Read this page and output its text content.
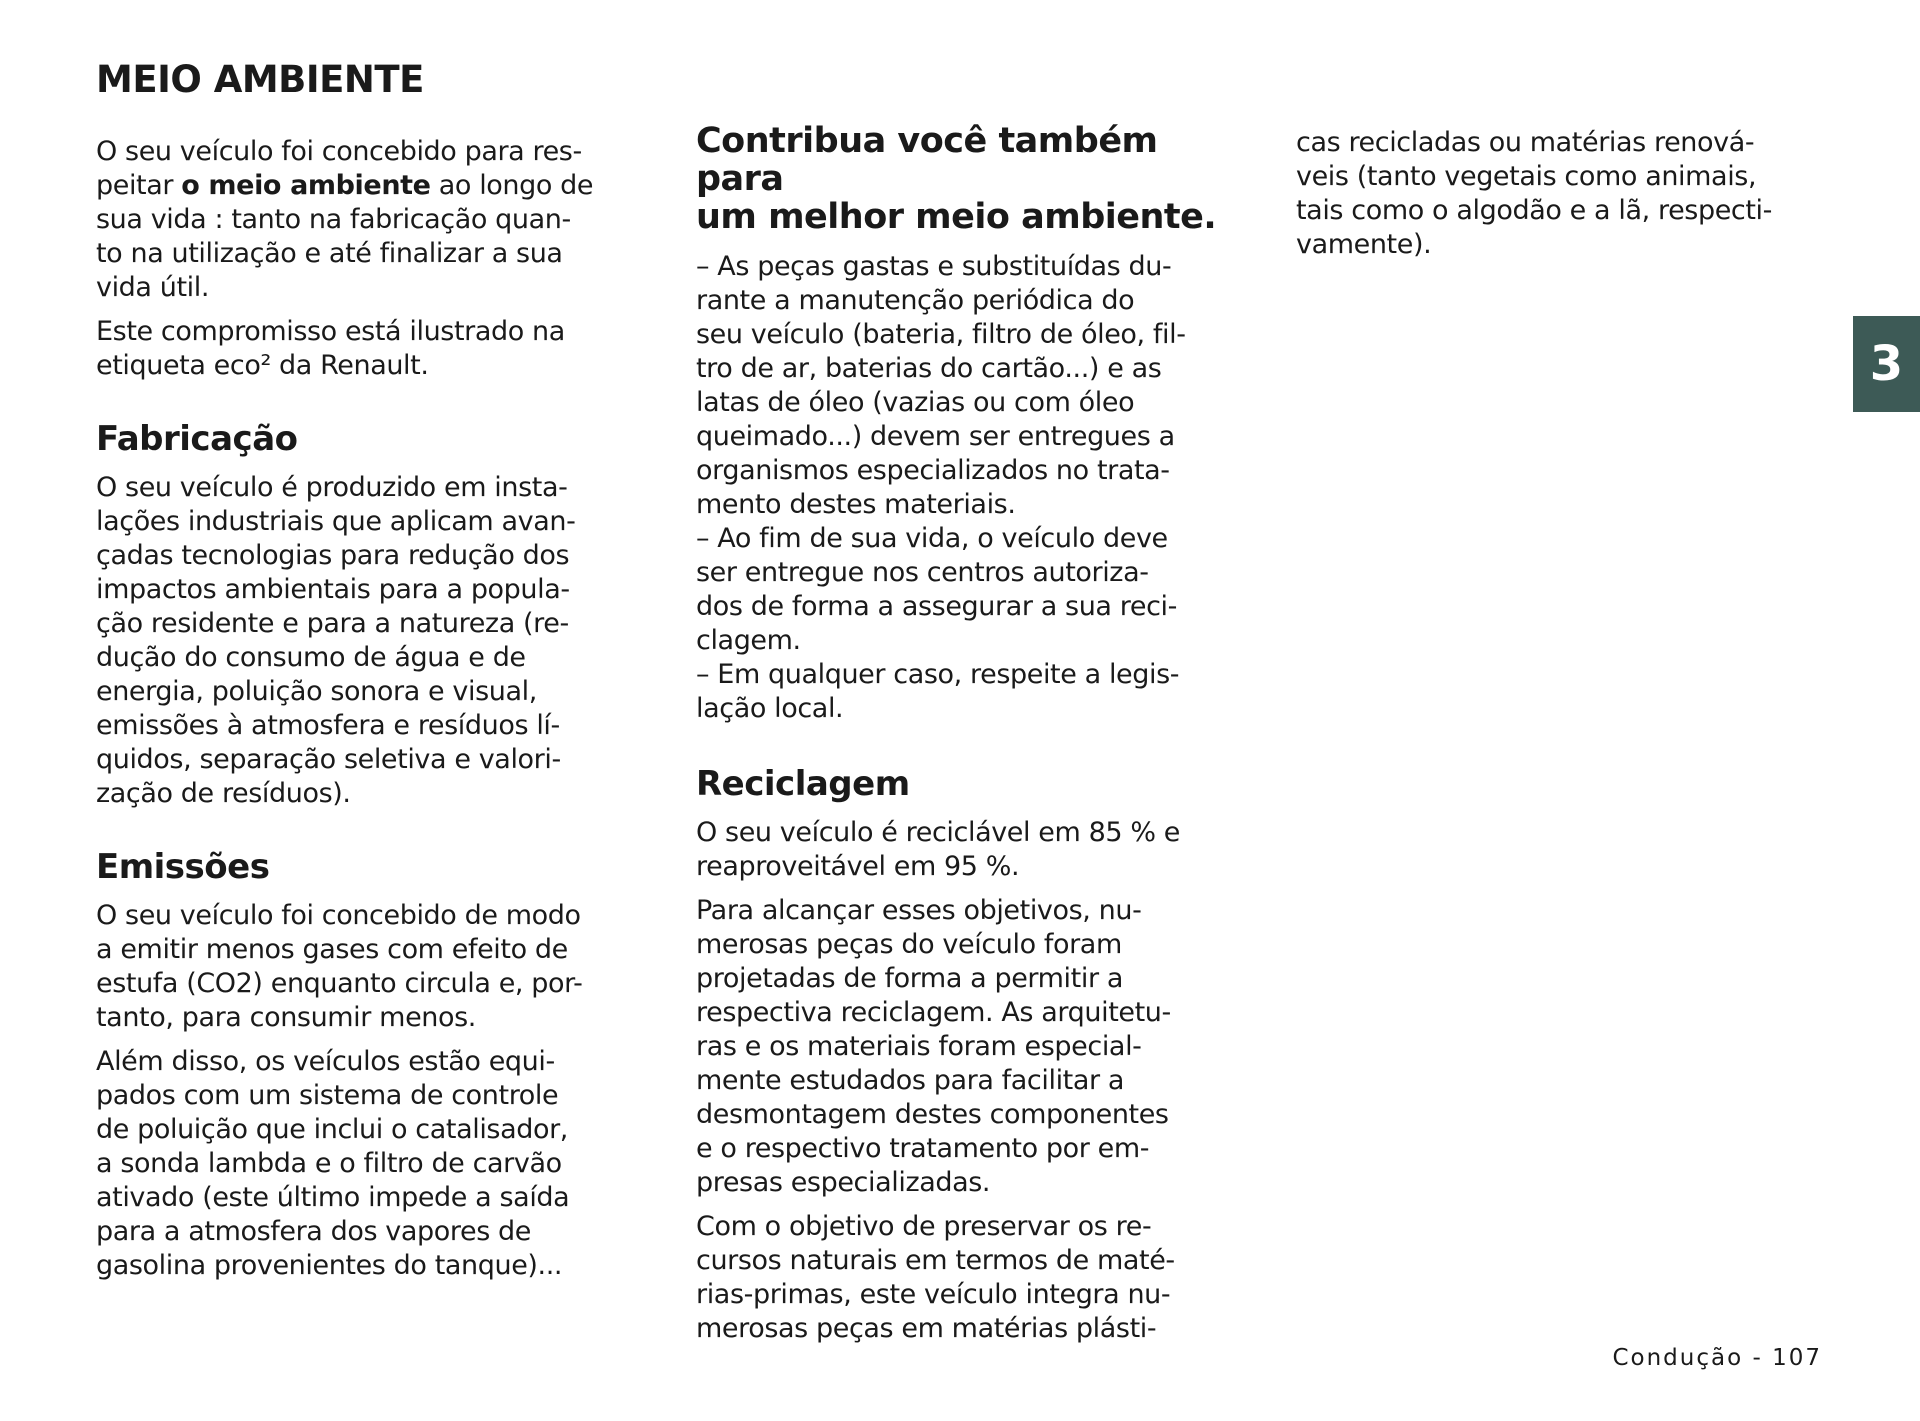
MEIO AMBIENTE

O seu veículo foi concebido para res-
peitar o meio ambiente ao longo de
sua vida : tanto na fabricação quan-
to na utilização e até finalizar a sua
vida útil.

Este compromisso está ilustrado na
etiqueta eco² da Renault.

Fabricação

O seu veículo é produzido em insta-
lações industriais que aplicam avan-
çadas tecnologias para redução dos
impactos ambientais para a popula-
ção residente e para a natureza (re-
dução do consumo de água e de
energia, poluição sonora e visual,
emissões à atmosfera e resíduos lí-
quidos, separação seletiva e valori-
zação de resíduos).

Emissões

O seu veículo foi concebido de modo
a emitir menos gases com efeito de
estufa (CO2) enquanto circula e, por-
tanto, para consumir menos.

Além disso, os veículos estão equi-
pados com um sistema de controle
de poluição que inclui o catalisador,
a sonda lambda e o filtro de carvão
ativado (este último impede a saída
para a atmosfera dos vapores de
gasolina provenientes do tanque)...

Contribua você também para
um melhor meio ambiente.

– As peças gastas e substituídas du-
rante a manutenção periódica do
seu veículo (bateria, filtro de óleo, fil-
tro de ar, baterias do cartão...) e as
latas de óleo (vazias ou com óleo
queimado...) devem ser entregues a
organismos especializados no trata-
mento destes materiais.
– Ao fim de sua vida, o veículo deve
ser entregue nos centros autoriza-
dos de forma a assegurar a sua reci-
clagem.
– Em qualquer caso, respeite a legis-
lação local.

Reciclagem

O seu veículo é reciclável em 85 % e
reaproveitável em 95 %.

Para alcançar esses objetivos, nu-
merosas peças do veículo foram
projetadas de forma a permitir a
respectiva reciclagem. As arquitetu-
ras e os materiais foram especial-
mente estudados para facilitar a
desmontagem destes componentes
e o respectivo tratamento por em-
presas especializadas.

Com o objetivo de preservar os re-
cursos naturais em termos de maté-
rias-primas, este veículo integra nu-
merosas peças em matérias plásti-

cas recicladas ou matérias renová-
veis (tanto vegetais como animais,
tais como o algodão e a lã, respecti-
vamente).

3
Condução - 107
